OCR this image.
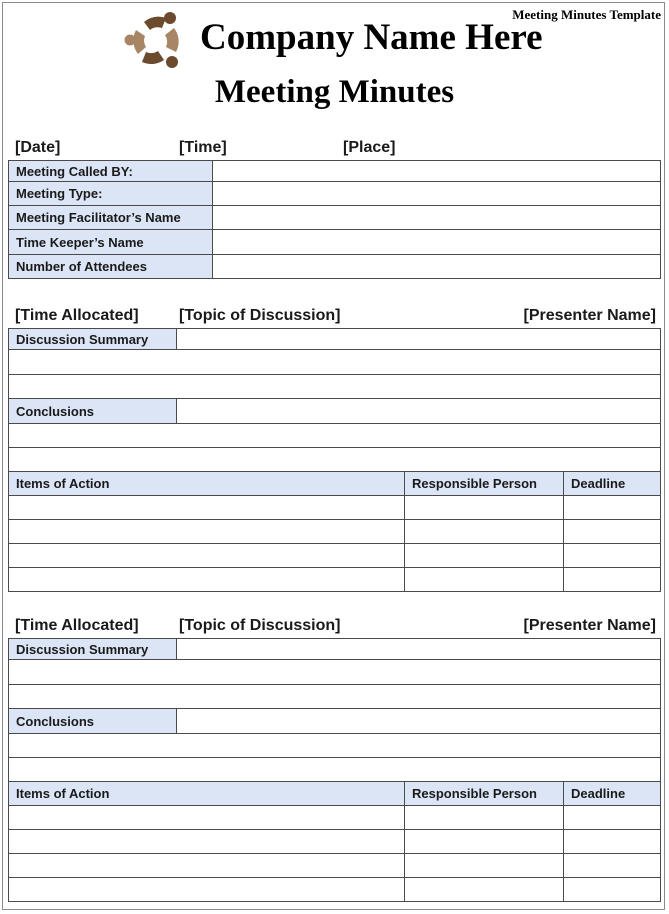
Meeting Minutes Template
Company Name Here
Meeting Minutes
[Date]	[Time]	[Place]
Meeting Called BY:	
Meeting Type:	
Meeting Facilitator’s Name	
Time Keeper’s Name	
Number of Attendees	
[Time Allocated]	[Topic of Discussion]	[Presenter Name]
Discussion Summary			

Conclusions			

Items of Action		Responsible Person	Deadline

[Time Allocated]	[Topic of Discussion]	[Presenter Name]
Discussion Summary			

Conclusions			

Items of Action		Responsible Person	Deadline
